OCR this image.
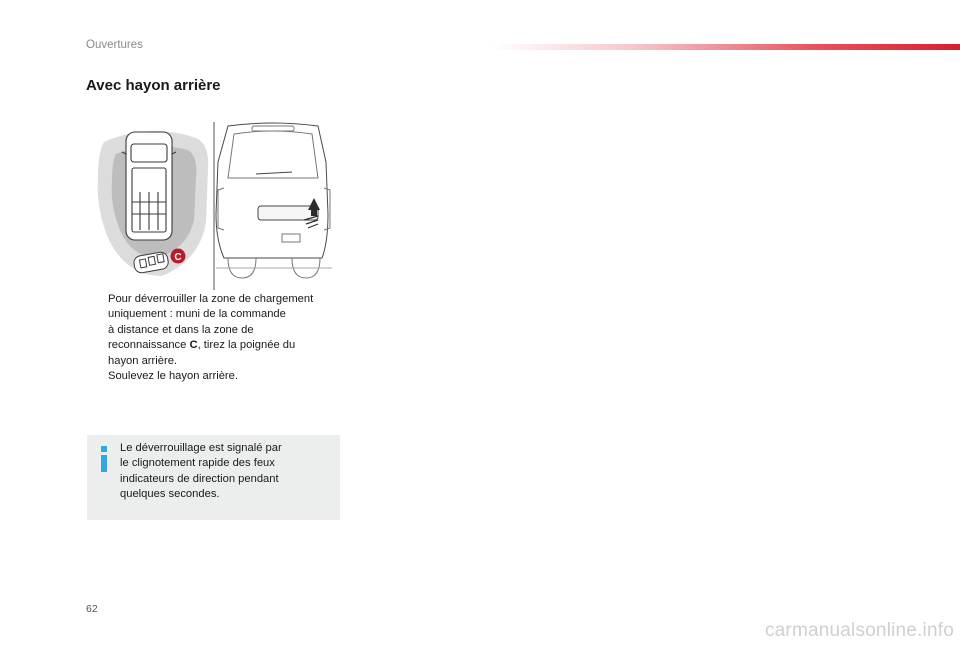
Ouvertures
Avec hayon arrière
C
Pour déverrouiller la zone de chargement
uniquement : muni de la commande
à distance et dans la zone de
reconnaissance C, tirez la poignée du
hayon arrière.
Soulevez le hayon arrière.
Le déverrouillage est signalé par
le clignotement rapide des feux
indicateurs de direction pendant
quelques secondes.
62
carmanualsonline.info
